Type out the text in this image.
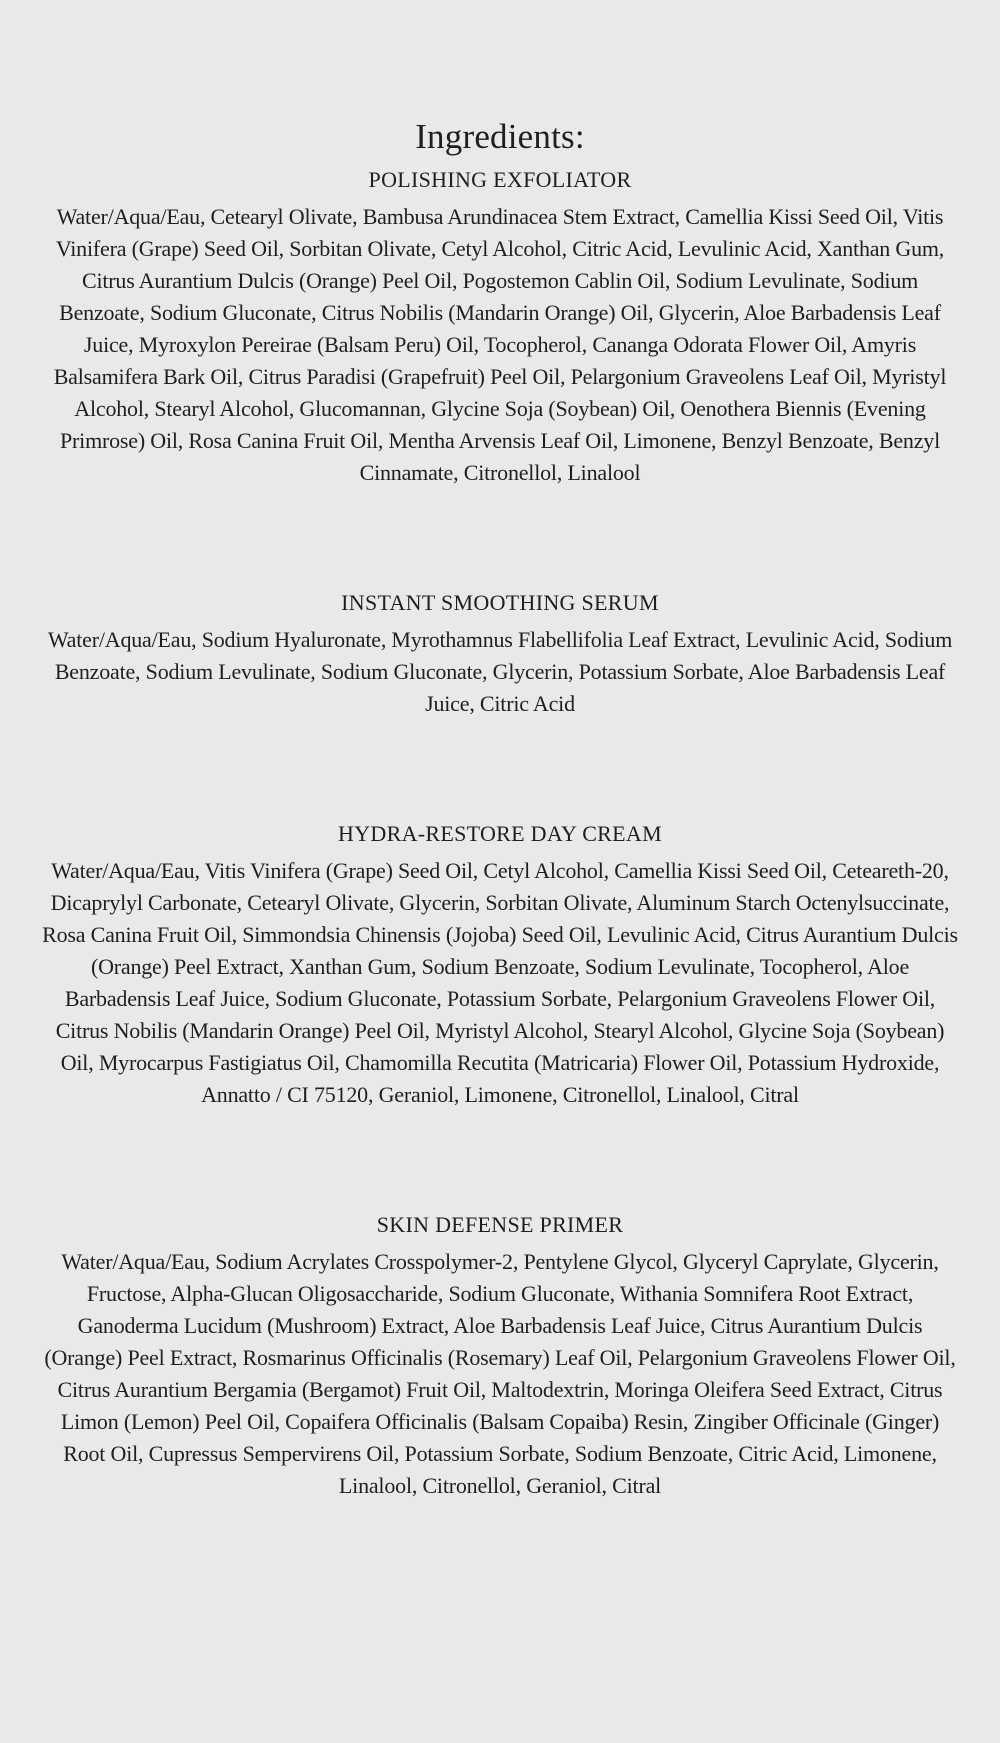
Ingredients:
POLISHING EXFOLIATOR

Water/Aqua/Eau, Cetearyl Olivate, Bambusa Arundinacea Stem Extract, Camellia Kissi Seed Oil, Vitis Vinifera (Grape) Seed Oil, Sorbitan Olivate, Cetyl Alcohol, Citric Acid, Levulinic Acid, Xanthan Gum, Citrus Aurantium Dulcis (Orange) Peel Oil, Pogostemon Cablin Oil, Sodium Levulinate, Sodium Benzoate, Sodium Gluconate, Citrus Nobilis (Mandarin Orange) Oil, Glycerin, Aloe Barbadensis Leaf Juice, Myroxylon Pereirae (Balsam Peru) Oil, Tocopherol, Cananga Odorata Flower Oil, Amyris Balsamifera Bark Oil, Citrus Paradisi (Grapefruit) Peel Oil, Pelargonium Graveolens Leaf Oil, Myristyl Alcohol, Stearyl Alcohol, Glucomannan, Glycine Soja (Soybean) Oil, Oenothera Biennis (Evening Primrose) Oil, Rosa Canina Fruit Oil, Mentha Arvensis Leaf Oil, Limonene, Benzyl Benzoate, Benzyl Cinnamate, Citronellol, Linalool

INSTANT SMOOTHING SERUM

Water/Aqua/Eau, Sodium Hyaluronate, Myrothamnus Flabellifolia Leaf Extract, Levulinic Acid, Sodium Benzoate, Sodium Levulinate, Sodium Gluconate, Glycerin, Potassium Sorbate, Aloe Barbadensis Leaf Juice, Citric Acid

HYDRA-RESTORE DAY CREAM

Water/Aqua/Eau, Vitis Vinifera (Grape) Seed Oil, Cetyl Alcohol, Camellia Kissi Seed Oil, Ceteareth-20, Dicaprylyl Carbonate, Cetearyl Olivate, Glycerin, Sorbitan Olivate, Aluminum Starch Octenylsuccinate, Rosa Canina Fruit Oil, Simmondsia Chinensis (Jojoba) Seed Oil, Levulinic Acid, Citrus Aurantium Dulcis (Orange) Peel Extract, Xanthan Gum, Sodium Benzoate, Sodium Levulinate, Tocopherol, Aloe Barbadensis Leaf Juice, Sodium Gluconate, Potassium Sorbate, Pelargonium Graveolens Flower Oil, Citrus Nobilis (Mandarin Orange) Peel Oil, Myristyl Alcohol, Stearyl Alcohol, Glycine Soja (Soybean) Oil, Myrocarpus Fastigiatus Oil, Chamomilla Recutita (Matricaria) Flower Oil, Potassium Hydroxide, Annatto / CI 75120, Geraniol, Limonene, Citronellol, Linalool, Citral

SKIN DEFENSE PRIMER

Water/Aqua/Eau, Sodium Acrylates Crosspolymer-2, Pentylene Glycol, Glyceryl Caprylate, Glycerin, Fructose, Alpha-Glucan Oligosaccharide, Sodium Gluconate, Withania Somnifera Root Extract, Ganoderma Lucidum (Mushroom) Extract, Aloe Barbadensis Leaf Juice, Citrus Aurantium Dulcis (Orange) Peel Extract, Rosmarinus Officinalis (Rosemary) Leaf Oil, Pelargonium Graveolens Flower Oil, Citrus Aurantium Bergamia (Bergamot) Fruit Oil, Maltodextrin, Moringa Oleifera Seed Extract, Citrus Limon (Lemon) Peel Oil, Copaifera Officinalis (Balsam Copaiba) Resin, Zingiber Officinale (Ginger) Root Oil, Cupressus Sempervirens Oil, Potassium Sorbate, Sodium Benzoate, Citric Acid, Limonene, Linalool, Citronellol, Geraniol, Citral
